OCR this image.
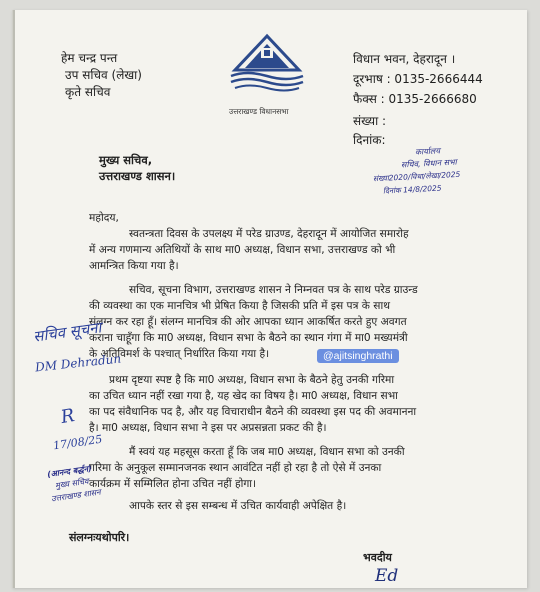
हेम चन्द्र पन्त
उप सचिव (लेखा)
कृते सचिव
उत्तराखण्ड विधानसभा
विधान भवन, देहरादून ।
दूरभाष : 0135-2666444
फैक्स : 0135-2666680
संख्या :
दिनांक:
कार्यालय
सचिव, विधान सभा
संख्या2020/विधा/लेखा/2025
दिनांक 14/8/2025
मुख्य सचिव,
उत्तराखण्ड शासन।
महोदय,
स्वतन्त्रता दिवस के उपलक्ष्य में परेड ग्राउण्ड, देहरादून में आयोजित समारोह
में अन्य गणमान्य अतिथियों के साथ मा0 अध्यक्ष, विधान सभा, उत्तराखण्ड को भी
आमन्त्रित किया गया है।
सचिव, सूचना विभाग, उत्तराखण्ड शासन ने निम्नवत पत्र के साथ परेड ग्राउन्ड
की व्यवस्था का एक मानचित्र भी प्रेषित किया है जिसकी प्रति में इस पत्र के साथ
संलग्न कर रहा हूँ। संलग्न मानचित्र की ओर आपका ध्यान आकर्षित करते हुए अवगत
कराना चाहूँगा कि मा0 अध्यक्ष, विधान सभा के बैठने का स्थान गंगा में मा0 मख्यमंत्री
के अतिविमर्श के पश्चात् निर्धारित किया गया है।
प्रथम दृष्टया स्पष्ट है कि मा0 अध्यक्ष, विधान सभा के बैठने हेतु उनकी गरिमा
का उचित ध्यान नहीं रखा गया है, यह खेद का विषय है। मा0 अध्यक्ष, विधान सभा
का पद संवैधानिक पद है, और यह विचाराधीन बैठने की व्यवस्था इस पद की अवमानना
है। मा0 अध्यक्ष, विधान सभा ने इस पर अप्रसन्नता प्रकट की है।
मैं स्वयं यह महसूस करता हूँ कि जब मा0 अध्यक्ष, विधान सभा को उनकी
गरिमा के अनुकूल सम्मानजनक स्थान आवंटित नहीं हो रहा है तो ऐसे में उनका
कार्यक्रम में सम्मिलित होना उचित नहीं होगा।
आपके स्तर से इस सम्बन्ध में उचित कार्यवाही अपेक्षित है।
संलग्नःयथोपरि।
भवदीय
Ed
सचिव सूचना
DM Dehradun
R
17/08/25
(आनन्द बर्द्धन)
मुख्य सचिव
उत्तराखण्ड शासन
@ajitsinghrathi
